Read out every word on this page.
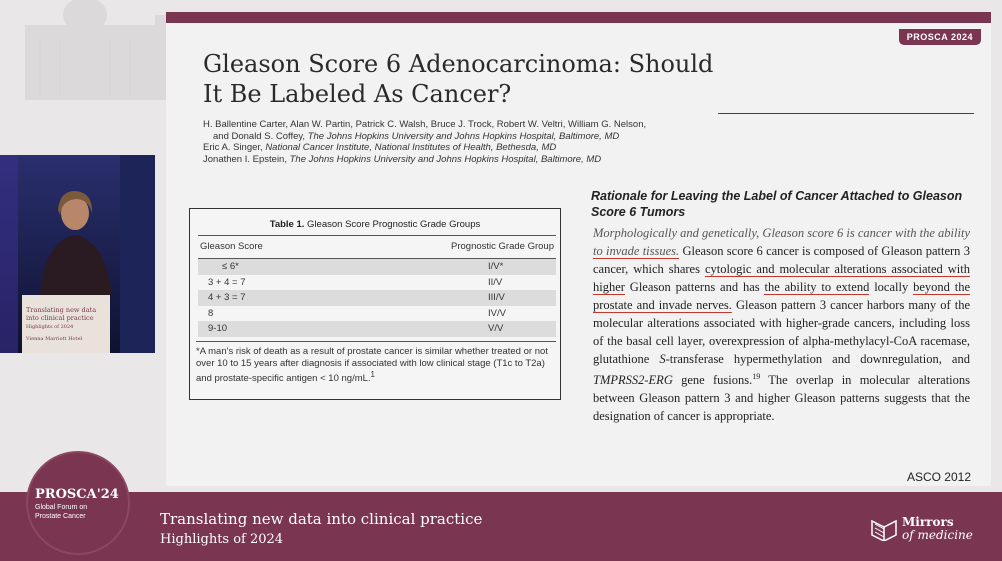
PROSCA 2024
Gleason Score 6 Adenocarcinoma: Should It Be Labeled As Cancer?
H. Ballentine Carter, Alan W. Partin, Patrick C. Walsh, Bruce J. Trock, Robert W. Veltri, William G. Nelson,
and Donald S. Coffey, The Johns Hopkins University and Johns Hopkins Hospital, Baltimore, MD
Eric A. Singer, National Cancer Institute, National Institutes of Health, Bethesda, MD
Jonathen I. Epstein, The Johns Hopkins University and Johns Hopkins Hospital, Baltimore, MD
Table 1. Gleason Score Prognostic Grade Groups
Gleason Score	Prognostic Grade Group
≤ 6*	I/V*
3 + 4 = 7	II/V
4 + 3 = 7	III/V
8	IV/V
9-10	V/V
*A man's risk of death as a result of prostate cancer is similar whether treated or not over 10 to 15 years after diagnosis if associated with low clinical stage (T1c to T2a) and prostate-specific antigen < 10 ng/mL.$^1$
Rationale for Leaving the Label of Cancer Attached to Gleason Score 6 Tumors

Morphologically and genetically, Gleason score 6 is cancer with the ability to invade tissues. Gleason score 6 cancer is composed of Gleason pattern 3 cancer, which shares cytologic and molecular alterations associated with higher Gleason patterns and has the ability to extend locally beyond the prostate and invade nerves. Gleason pattern 3 cancer harbors many of the molecular alterations associated with higher-grade cancers, including loss of the basal cell layer, overexpression of alpha-methylacyl-CoA racemase, glutathione S-transferase hypermethylation and downregulation, and TMPRSS2-ERG gene fusions.$^{19}$ The overlap in molecular alterations between Gleason pattern 3 and higher Gleason patterns suggests that the designation of cancer is appropriate.

ASCO 2012
Translating new data
into clinical practice
Highlights of 2024
Vienna Marriott Hotel
PROSCA'24
Global Forum on
Prostate Cancer	Translating new data into clinical practice
Highlights of 2024
Mirrors
of medicine
